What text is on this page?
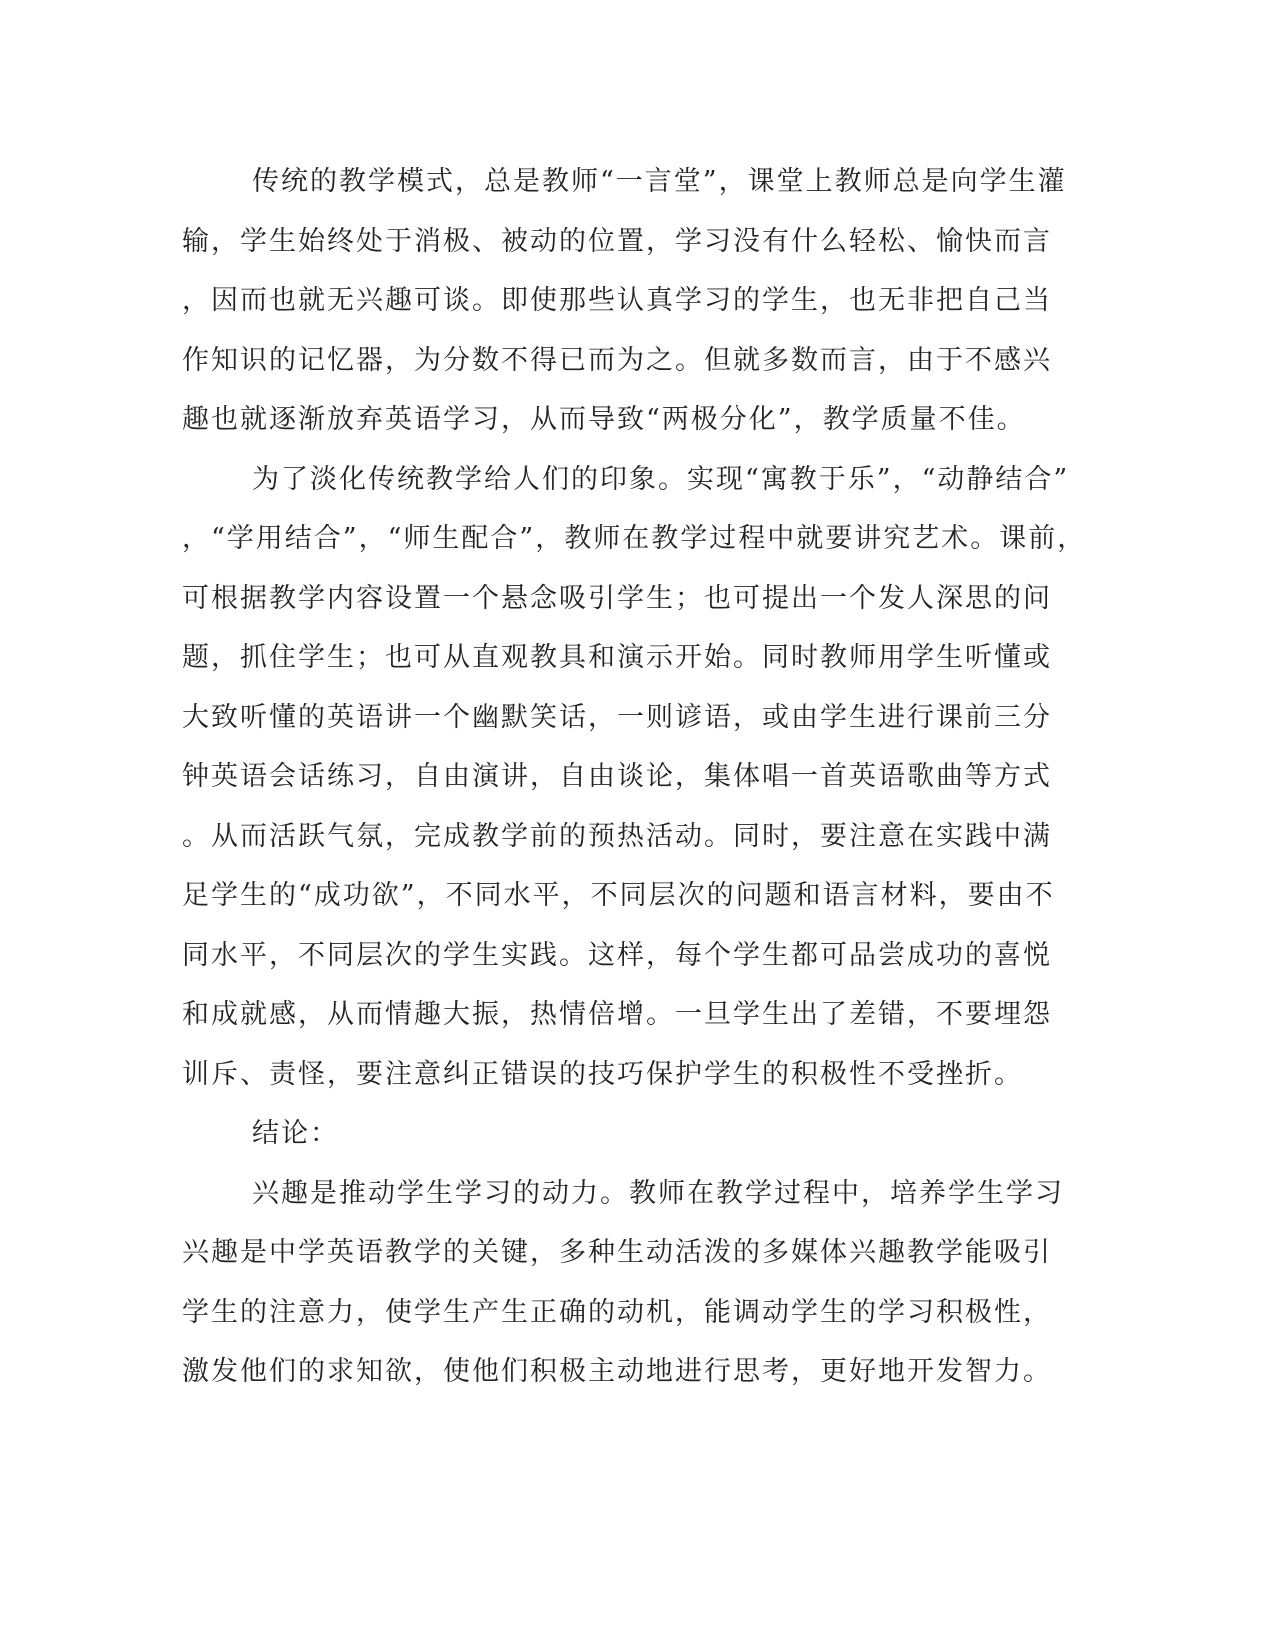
传统的教学模式，总是教师“一言堂”，课堂上教师总是向学生灌
输，学生始终处于消极、被动的位置，学习没有什么轻松、愉快而言
，因而也就无兴趣可谈。即使那些认真学习的学生，也无非把自己当
作知识的记忆器，为分数不得已而为之。但就多数而言，由于不感兴
趣也就逐渐放弃英语学习，从而导致“两极分化”，教学质量不佳。
为了淡化传统教学给人们的印象。实现“寓教于乐”，“动静结合”
，“学用结合”，“师生配合”，教师在教学过程中就要讲究艺术。课前，
可根据教学内容设置一个悬念吸引学生；也可提出一个发人深思的问
题，抓住学生；也可从直观教具和演示开始。同时教师用学生听懂或
大致听懂的英语讲一个幽默笑话，一则谚语，或由学生进行课前三分
钟英语会话练习，自由演讲，自由谈论，集体唱一首英语歌曲等方式
。从而活跃气氛，完成教学前的预热活动。同时，要注意在实践中满
足学生的“成功欲”，不同水平，不同层次的问题和语言材料，要由不
同水平，不同层次的学生实践。这样，每个学生都可品尝成功的喜悦
和成就感，从而情趣大振，热情倍增。一旦学生出了差错，不要埋怨
训斥、责怪，要注意纠正错误的技巧保护学生的积极性不受挫折。
结论：
兴趣是推动学生学习的动力。教师在教学过程中，培养学生学习
兴趣是中学英语教学的关键，多种生动活泼的多媒体兴趣教学能吸引
学生的注意力，使学生产生正确的动机，能调动学生的学习积极性，
激发他们的求知欲，使他们积极主动地进行思考，更好地开发智力。
